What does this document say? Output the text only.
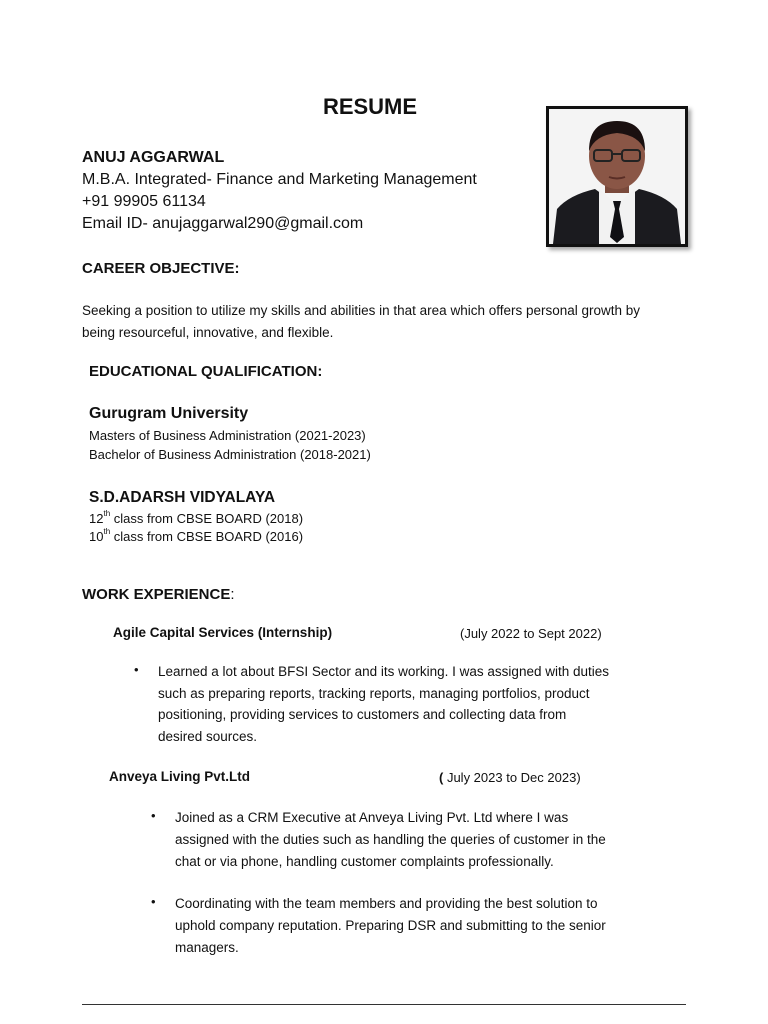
RESUME
ANUJ AGGARWAL
M.B.A. Integrated- Finance and Marketing Management
+91 99905 61134
Email ID- anujaggarwal290@gmail.com
CAREER OBJECTIVE:
Seeking a position to utilize my skills and abilities in that area which offers personal growth by
being resourceful, innovative, and flexible.
EDUCATIONAL QUALIFICATION:
Gurugram University
Masters of Business Administration (2021-2023)
Bachelor of Business Administration (2018-2021)
S.D.ADARSH VIDYALAYA
12th class from CBSE BOARD (2018)
10th class from CBSE BOARD (2016)
WORK EXPERIENCE:
Agile Capital Services (Internship)	(July 2022 to Sept 2022)
• Learned a lot about BFSI Sector and its working. I was assigned with duties
such as preparing reports, tracking reports, managing portfolios, product
positioning, providing services to customers and collecting data from
desired sources.
Anveya Living Pvt.Ltd	( July 2023 to Dec 2023)
• Joined as a CRM Executive at Anveya Living Pvt. Ltd where I was
assigned with the duties such as handling the queries of customer in the
chat or via phone, handling customer complaints professionally.
• Coordinating with the team members and providing the best solution to
uphold company reputation. Preparing DSR and submitting to the senior
managers.
